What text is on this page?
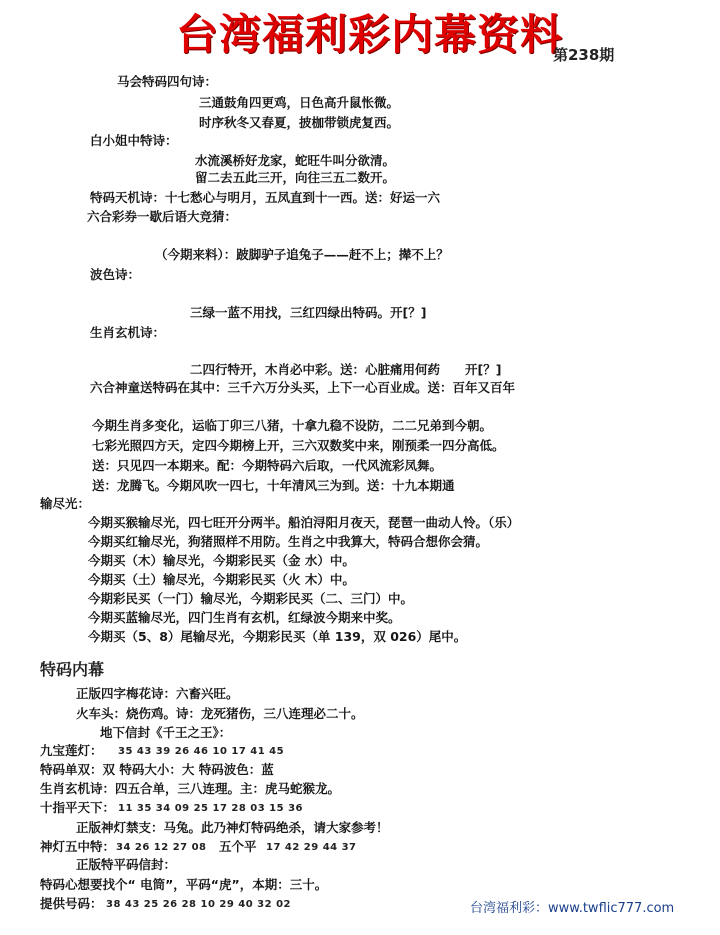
台湾福利彩内幕资料
第238期
马会特码四句诗：
三通鼓角四更鸡，日色高升鼠怅微。
时序秋冬又春夏，披枷带锁虎复西。
白小姐中特诗：
水流溪桥好龙家，蛇旺牛叫分欲清。
留二去五此三开，向往三五二数开。
特码天机诗：十七愁心与明月，五凤直到十一西。送：好运一六
六合彩券一歇后语大竞猜：
（今期来料）：跛脚驴子追兔子——赶不上；撵不上？
波色诗：
三绿一蓝不用找，三红四绿出特码。开[？]
生肖玄机诗：
二四行特开，木肖必中彩。送：心脏痛用何药　　开[？]
六合神童送特码在其中：三千六万分头买，上下一心百业成。送：百年又百年
今期生肖多变化，运临丁卯三八猪，十拿九稳不设防，二二兄弟到今朝。
七彩光照四方天，定四今期榜上开，三六双数奖中来，刚预柔一四分高低。
送：只见四一本期来。配：今期特码六后取，一代风流彩凤舞。
送：龙腾飞。今期风吹一四七，十年清风三为到。送：十九本期通
输尽光：
今期买猴输尽光，四七旺开分两半。船泊浔阳月夜天，琵琶一曲动人怜。（乐）
今期买红输尽光，狗猪照样不用防。生肖之中我算大，特码合想你会猜。
今期买（木）输尽光，今期彩民买（金 水）中。
今期买（土）输尽光，今期彩民买（火 木）中。
今期彩民买（一门）输尽光，今期彩民买（二、三门）中。
今期买蓝输尽光，四门生肖有玄机，红绿波今期来中奖。
今期买（5、8）尾输尽光，今期彩民买（单 139，双 026）尾中。
特码内幕
正版四字梅花诗：六畜兴旺。
火车头：烧伤鸡。诗：龙死猪伤，三八连理必二十。
地下信封《千王之王》：
九宝莲灯： 35 43 39 26 46 10 17 41 45
特码单双：双 特码大小：大 特码波色：蓝
生肖玄机诗：四五合单，三八连理。主：虎马蛇猴龙。
十指平天下： 11 35 34 09 25 17 28 03 15 36
正版神灯禁支：马兔。此乃神灯特码绝杀，请大家参考！
神灯五中特： 34 26 12 27 08 五个平 17 42 29 44 37
正版特平码信封：
特码心想要找个“ 电筒”，平码“虎”，本期：三十。
提供号码： 38 43 25 26 28 10 29 40 32 02	台湾福利彩：www.twflic777.com
